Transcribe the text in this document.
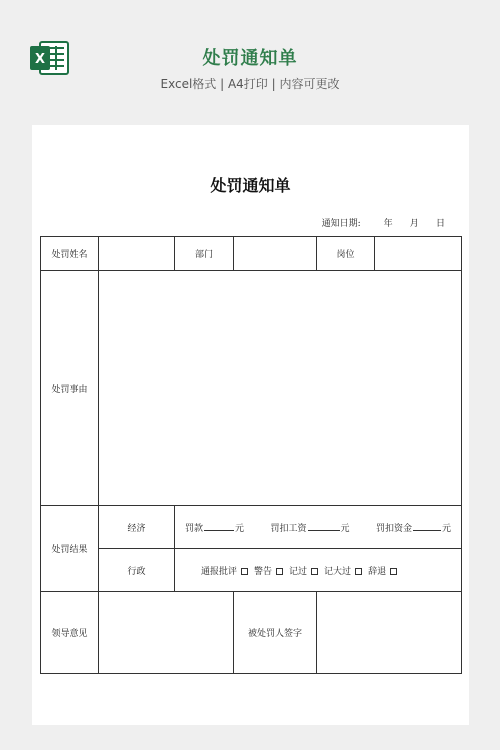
X	处罚通知单
Excel格式 | A4打印 | 内容可更改
处罚通知单
通知日期:
	年
月
日
处罚姓名		部门		岗位	
处罚事由					
处罚结果	经济	罚款 元 罚扣工资 元 罚扣资金 元			

	行政	通报批评 警告 记过 记大过 辞退			

领导意见			被处罚人签字		
